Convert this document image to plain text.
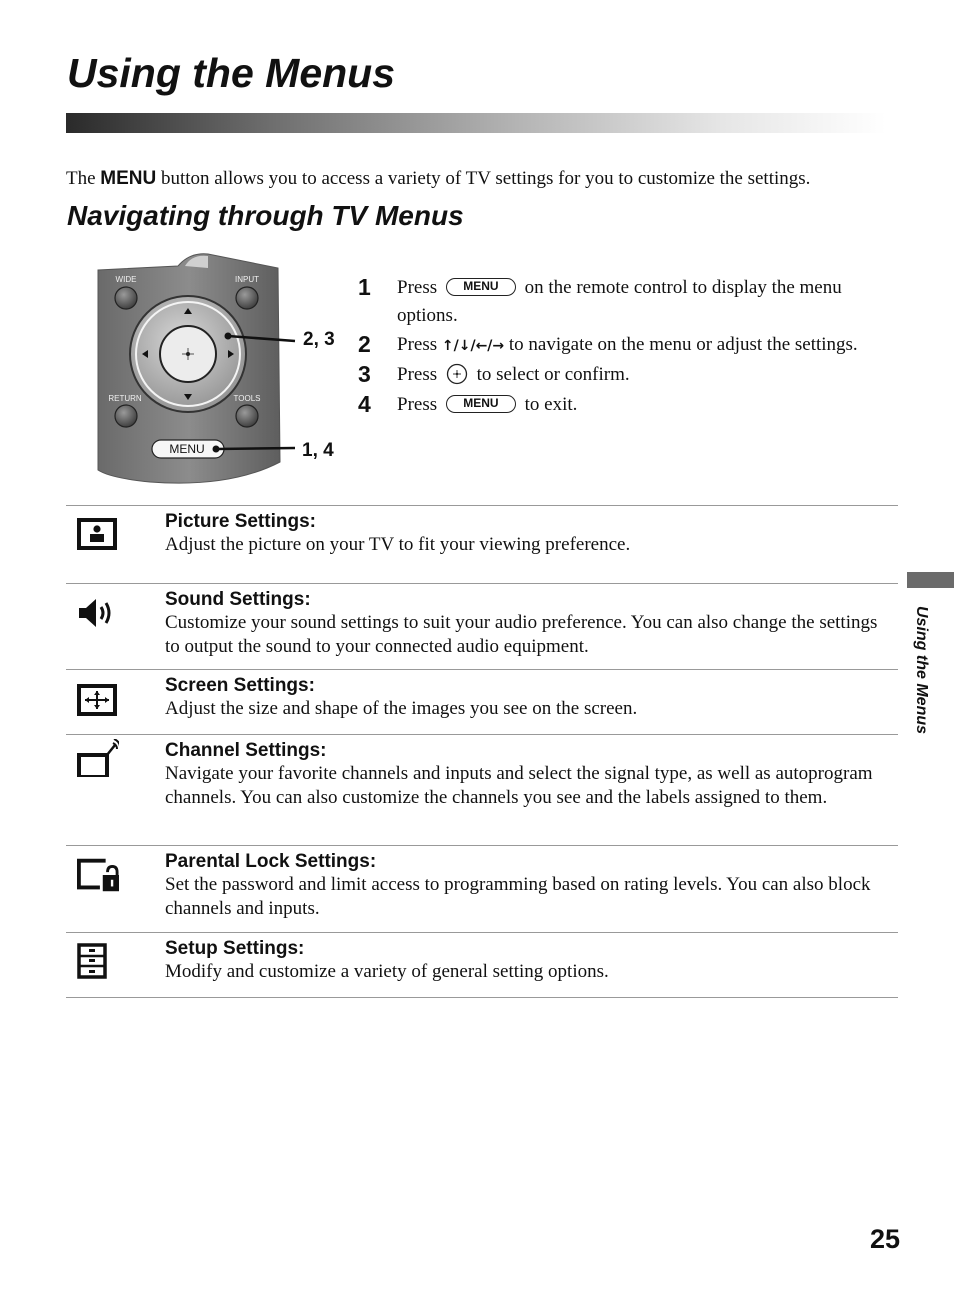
Using the Menus
The MENU button allows you to access a variety of TV settings for you to customize the settings.
Navigating through TV Menus
WIDE	INPUT
RETURN	TOOLS
MENU
2, 3
1, 4
1 Press MENU on the remote control to display the menu options.
2 Press ↑/↓/←/→ to navigate on the menu or adjust the settings.
3 Press  to select or confirm.
4 Press MENU to exit.
Picture Settings:
Adjust the picture on your TV to fit your viewing preference.
Sound Settings:
Customize your sound settings to suit your audio preference. You can also change the settings to output the sound to your connected audio equipment.
Screen Settings:
Adjust the size and shape of the images you see on the screen.
Channel Settings:
Navigate your favorite channels and inputs and select the signal type, as well as autoprogram channels. You can also customize the channels you see and the labels assigned to them.
Parental Lock Settings:
Set the password and limit access to programming based on rating levels. You can also block channels and inputs.
Setup Settings:
Modify and customize a variety of general setting options.
Using the Menus
25
